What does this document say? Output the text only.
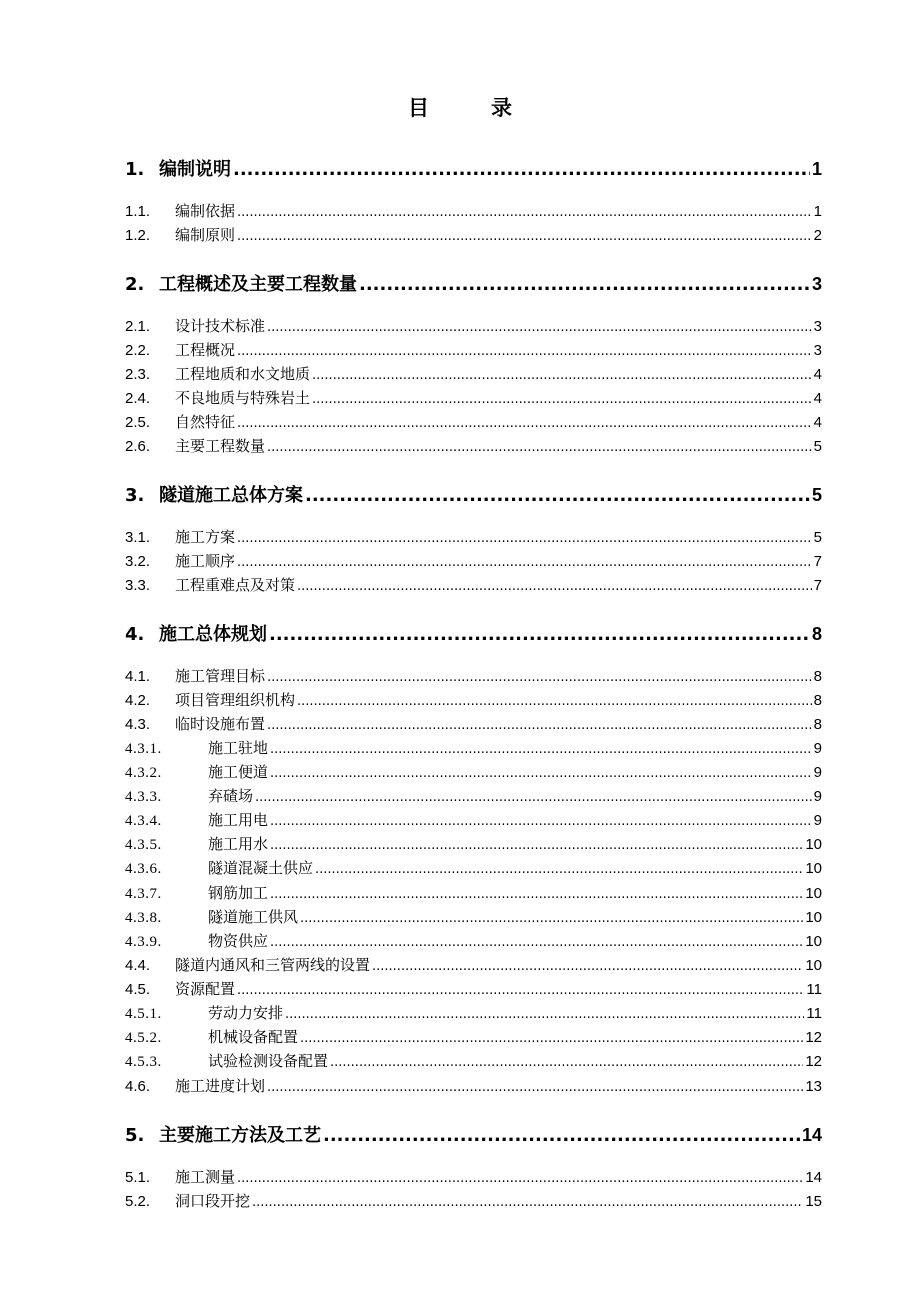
目	录
1. 编制说明 .....	1
1.1.	编制依据 .....	1
1.2.	编制原则 .....	2
2. 工程概述及主要工程数量 .....	3
2.1.	设计技术标准 .....	3
2.2.	工程概况 .....	3
2.3.	工程地质和水文地质 .....	4
2.4.	不良地质与特殊岩土 .....	4
2.5.	自然特征 .....	4
2.6.	主要工程数量 .....	5
3. 隧道施工总体方案 .....	5
3.1.	施工方案 .....	5
3.2.	施工顺序 .....	7
3.3.	工程重难点及对策 .....	7
4. 施工总体规划 .....	8
4.1.	施工管理目标 .....	8
4.2.	项目管理组织机构 .....	8
4.3.	临时设施布置 .....	8
4.3.1.	施工驻地 .....	9
4.3.2.	施工便道 .....	9
4.3.3.	弃碴场 .....	9
4.3.4.	施工用电 .....	9
4.3.5.	施工用水 .....	10
4.3.6.	隧道混凝土供应 .....	10
4.3.7.	钢筋加工 .....	10
4.3.8.	隧道施工供风 .....	10
4.3.9.	物资供应 .....	10
4.4.	隧道内通风和三管两线的设置 .....	10
4.5.	资源配置 .....	11
4.5.1.	劳动力安排 .....	11
4.5.2.	机械设备配置 .....	12
4.5.3.	试验检测设备配置 .....	12
4.6.	施工进度计划 .....	13
5. 主要施工方法及工艺 .....	14
5.1.	施工测量 .....	14
5.2.	洞口段开挖 .....	15
